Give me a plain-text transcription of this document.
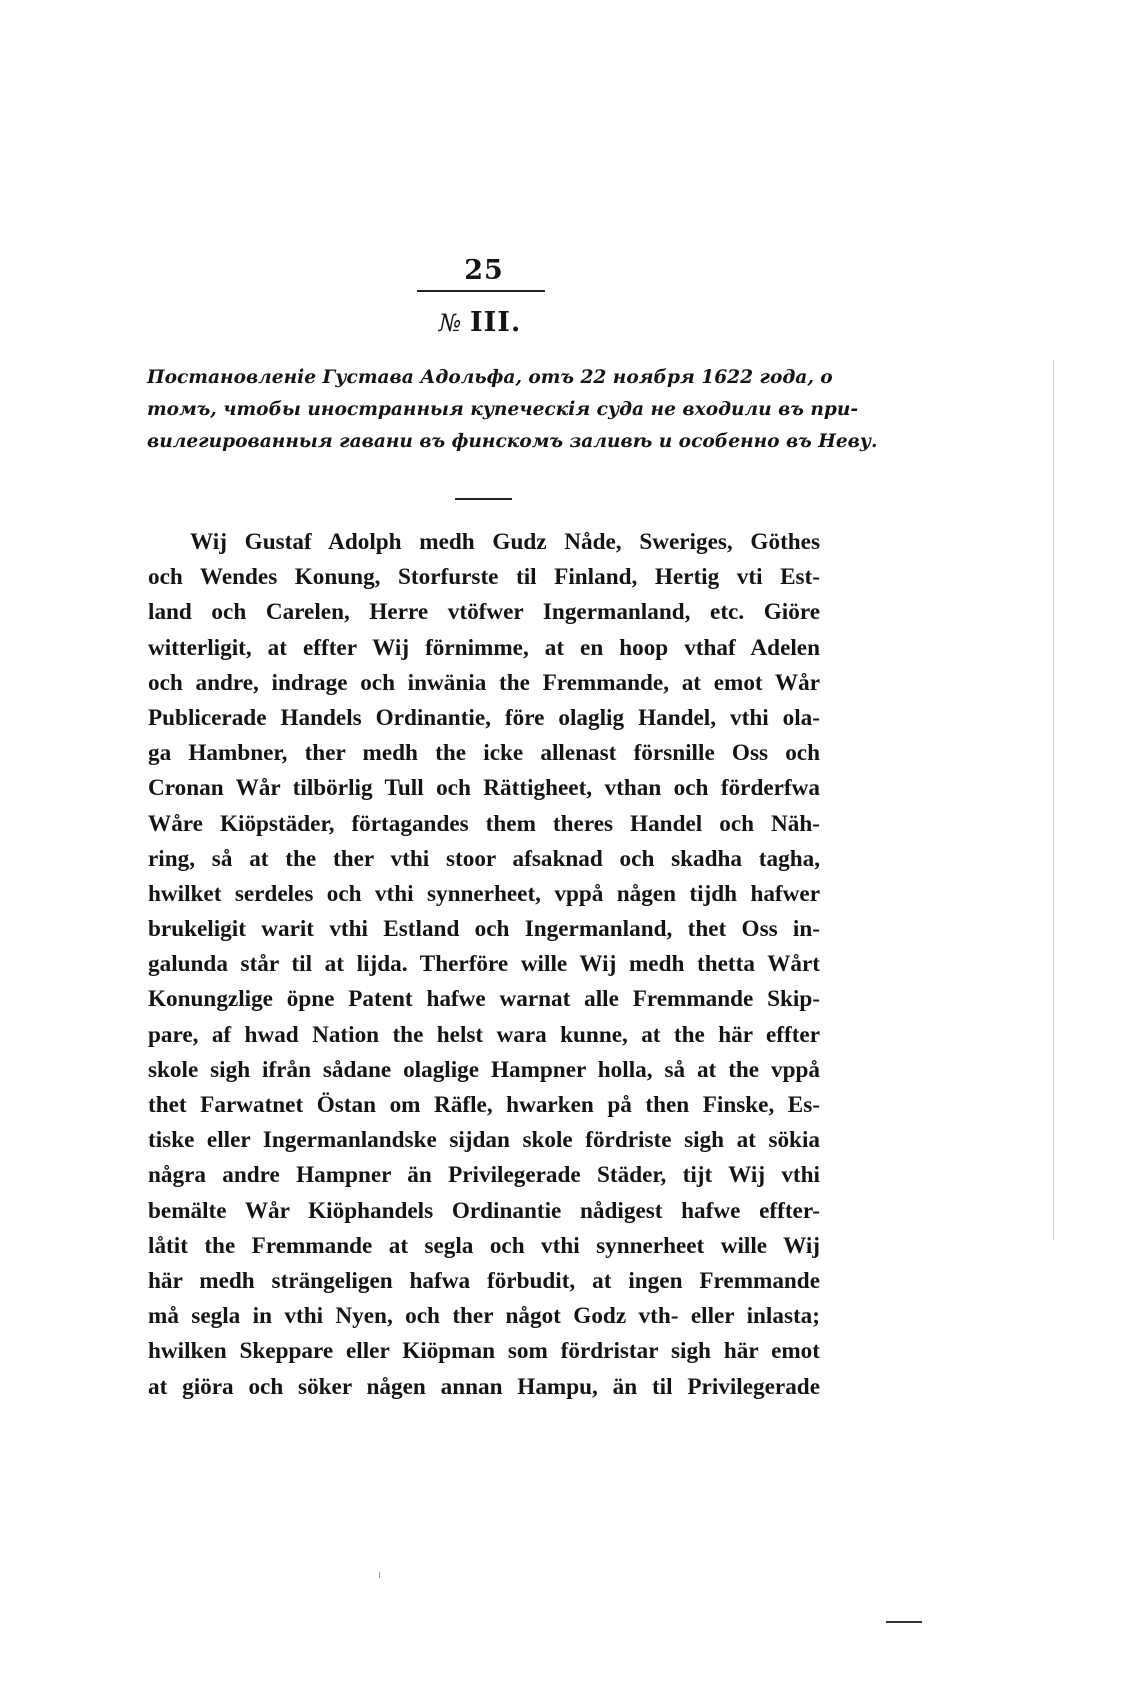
25
№ III.
Постановленіе Густава Адольфа, отъ 22 ноября 1622 года, о
томъ, чтобы иностранныя купеческія суда не входили въ при-
вилегированныя гавани въ финскомъ заливѣ и особенно въ Неву.
Wij Gustaf Adolph medh Gudz Nåde, Sweriges, Göthes
och Wendes Konung, Storfurste til Finland, Hertig vti Est-
land och Carelen, Herre vtöfwer Ingermanland, etc. Giöre
witterligit, at effter Wij förnimme, at en hoop vthaf Adelen
och andre, indrage och inwänia the Fremmande, at emot Wår
Publicerade Handels Ordinantie, före olaglig Handel, vthi ola-
ga Hambner, ther medh the icke allenast försnille Oss och
Cronan Wår tilbörlig Tull och Rättigheet, vthan och förderfwa
Wåre Kiöpstäder, förtagandes them theres Handel och Näh-
ring, så at the ther vthi stoor afsaknad och skadha tagha,
hwilket serdeles och vthi synnerheet, vppå någen tijdh hafwer
brukeligit warit vthi Estland och Ingermanland, thet Oss in-
galunda står til at lijda. Therföre wille Wij medh thetta Wårt
Konungzlige öpne Patent hafwe warnat alle Fremmande Skip-
pare, af hwad Nation the helst wara kunne, at the här effter
skole sigh ifrån sådane olaglige Hampner holla, så at the vppå
thet Farwatnet Östan om Räfle, hwarken på then Finske, Es-
tiske eller Ingermanlandske sijdan skole fördriste sigh at sökia
några andre Hampner än Privilegerade Städer, tijt Wij vthi
bemälte Wår Kiöphandels Ordinantie nådigest hafwe effter-
låtit the Fremmande at segla och vthi synnerheet wille Wij
här medh strängeligen hafwa förbudit, at ingen Fremmande
må segla in vthi Nyen, och ther något Godz vth- eller inlasta;
hwilken Skeppare eller Kiöpman som fördristar sigh här emot
at giöra och söker någen annan Hampu, än til Privilegerade
